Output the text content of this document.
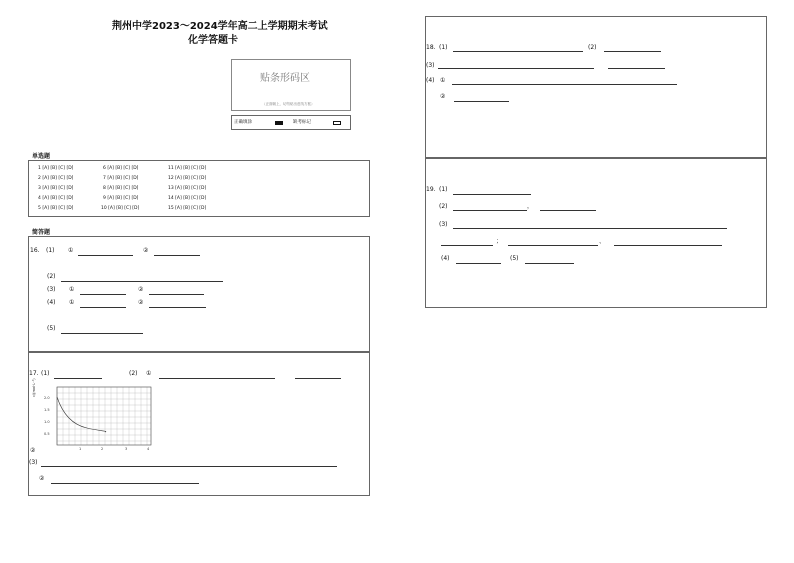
荆州中学2023～2024学年高二上学期期末考试
化学答题卡
贴条形码区
（正面朝上，切勿贴出虚线方框）
正确填涂	缺考标记
单选题
1 [A] [B] [C] [D]
2 [A] [B] [C] [D]
3 [A] [B] [C] [D]
4 [A] [B] [C] [D]
5 [A] [B] [C] [D]
6 [A] [B] [C] [D]
7 [A] [B] [C] [D]
8 [A] [B] [C] [D]
9 [A] [B] [C] [D]
10 [A] [B] [C] [D]
11 [A] [B] [C] [D]
12 [A] [B] [C] [D]
13 [A] [B] [C] [D]
14 [A] [B] [C] [D]
15 [A] [B] [C] [D]
简答题
16. (1) ①	②
(2)
(3) ①	②
(4) ①	②
(5)
17. (1)	(2) ①
c/(mol·L⁻¹)
2.0
1.5
1.0
0.5
1	2	3	4
②
(3)
②
18. (1)	(2)
(3)
(4) ①
②
19. (1)
(2)	，
(3)
；	、
(4)	(5)
